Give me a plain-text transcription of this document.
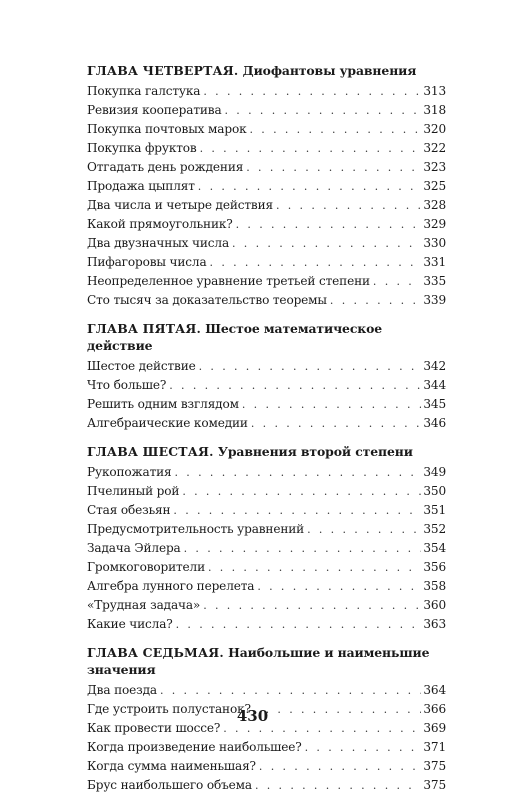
ГЛАВА ЧЕТВЕРТАЯ. Диофантовы уравнения
Покупка галстука . . .	313
Ревизия кооператива . . .	318
Покупка почтовых марок . . .	320
Покупка фруктов . . .	322
Отгадать день рождения . . .	323
Продажа цыплят . . .	325
Два числа и четыре действия . . .	328
Какой прямоугольник? . . .	329
Два двузначных числа . . .	330
Пифагоровы числа . . .	331
Неопределенное уравнение третьей степени . . .	335
Сто тысяч за доказательство теоремы . . .	339
ГЛАВА ПЯТАЯ. Шестое математическое действие
Шестое действие . . .	342
Что больше? . . .	344
Решить одним взглядом . . .	345
Алгебраические комедии . . .	346
ГЛАВА ШЕСТАЯ. Уравнения второй степени
Рукопожатия . . .	349
Пчелиный рой . . .	350
Стая обезьян . . .	351
Предусмотрительность уравнений . . .	352
Задача Эйлера . . .	354
Громкоговорители . . .	356
Алгебра лунного перелета . . .	358
«Трудная задача» . . .	360
Какие числа? . . .	363
ГЛАВА СЕДЬМАЯ. Наибольшие и наименьшие значения
Два поезда . . .	364
Где устроить полустанок? . . .	366
Как провести шоссе? . . .	369
Когда произведение наибольшее? . . .	371
Когда сумма наименьшая? . . .	375
Брус наибольшего объема . . .	375
430
